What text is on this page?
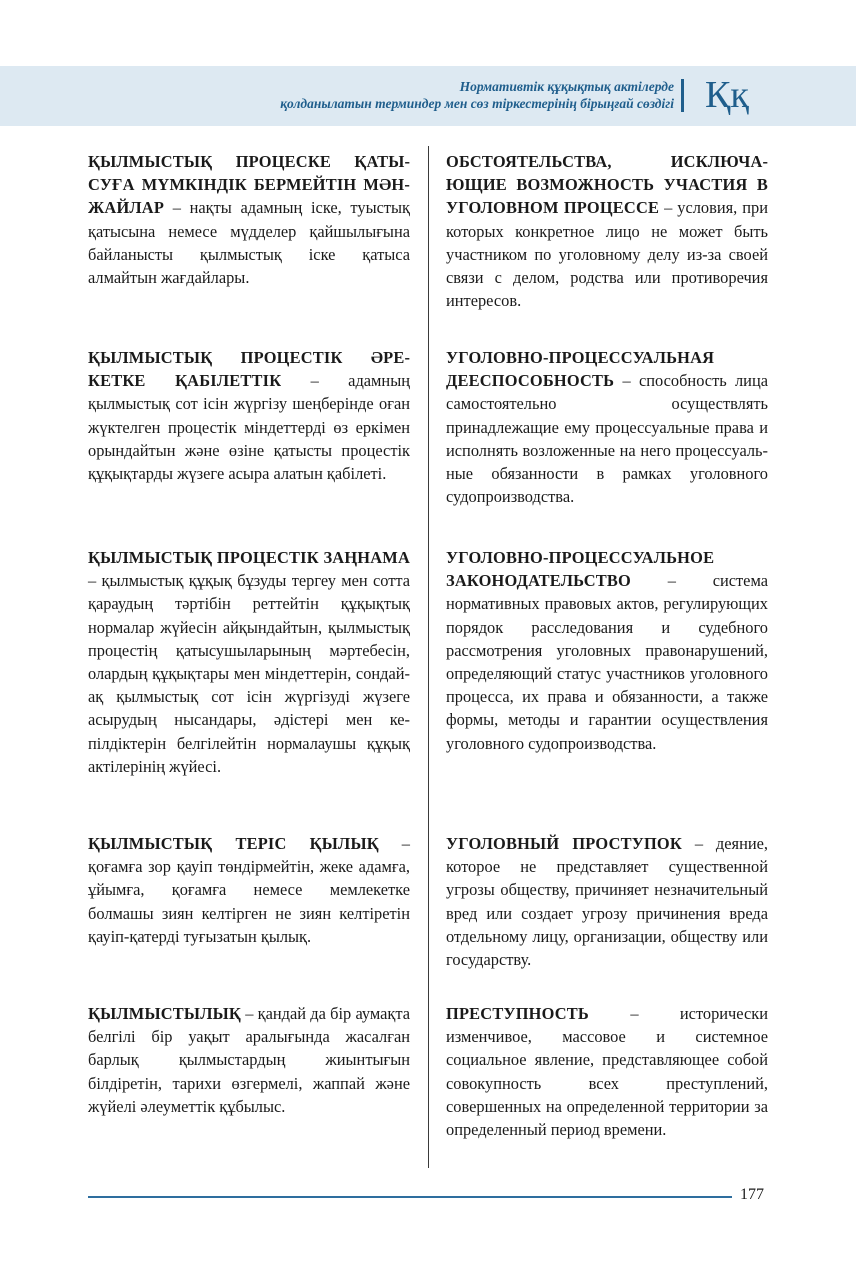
Нормативтік құқықтық актілерде
қолданылатын терминдер мен сөз тіркестерінің бірыңғай сөздігі Ққ

ҚЫЛМЫСТЫҚ ПРОЦЕСКЕ ҚАТЫСУҒА МҮМКІНДІК БЕРМЕЙТІН МӘН-ЖАЙЛАР – нақты адамның іске, туыстық қатысына немесе мүдделер қайшылығына байланысты қылмыстық іске қатыса алмайтын жағдайлары.

ҚЫЛМЫСТЫҚ ПРОЦЕСТІК ӘРЕКЕТКЕ ҚАБІЛЕТТІК – адамның қылмыстық сот ісін жүргізу шеңберінде оған жүктелген процестік міндеттерді өз еркімен орындайтын және өзіне қатысты процестік құқықтарды жүзеге асыра алатын қабілеті.

ҚЫЛМЫСТЫҚ ПРОЦЕСТІК ЗАҢНАМА – қылмыстық құқық бұзуды тергеу мен сотта қараудың тәртібін реттейтін құқықтық нормалар жүйесін айқындайтын, қылмыстық процестің қатысушыларының мәртебесін, олардың құқықтары мен міндеттерін, сондай-ақ қылмыстық сот ісін жүргізуді жүзеге асырудың нысандары, әдістері мен кепілдіктерін белгілейтін нормалаушы құқық актілерінің жүйесі.

ҚЫЛМЫСТЫҚ ТЕРІС ҚЫЛЫҚ – қоғамға зор қауіп төндірмейтін, жеке адамға, ұйымға, қоғамға немесе мемлекетке болмашы зиян келтірген не зиян келтіретін қауіп-қатерді туғызатын қылық.

ҚЫЛМЫСТЫЛЫҚ – қандай да бір аумақта белгілі бір уақыт аралығында жасалған барлық қылмыстардың жиынтығын білдіретін, тарихи өзгермелі, жаппай және жүйелі әлеуметтік құбылыс.

ОБСТОЯТЕЛЬСТВА, ИСКЛЮЧАЮЩИЕ ВОЗМОЖНОСТЬ УЧАСТИЯ В УГОЛОВНОМ ПРОЦЕССЕ – условия, при которых конкретное лицо не может быть участником по уголовному делу из-за своей связи с делом, родства или противоречия интересов.

УГОЛОВНО-ПРОЦЕССУАЛЬНАЯ ДЕЕСПОСОБНОСТЬ – способность лица самостоятельно осуществлять принадлежащие ему процессуальные права и исполнять возложенные на него процессуальные обязанности в рамках уголовного судопроизводства.

УГОЛОВНО-ПРОЦЕССУАЛЬНОЕ ЗАКОНОДАТЕЛЬСТВО – система нормативных правовых актов, регулирующих порядок расследования и судебного рассмотрения уголовных правонарушений, определяющий статус участников уголовного процесса, их права и обязанности, а также формы, методы и гарантии осуществления уголовного судопроизводства.

УГОЛОВНЫЙ ПРОСТУПОК – деяние, которое не представляет существенной угрозы обществу, причиняет незначительный вред или создает угрозу причинения вреда отдельному лицу, организации, обществу или государству.

ПРЕСТУПНОСТЬ – исторически изменчивое, массовое и системное социальное явление, представляющее собой совокупность всех преступлений, совершенных на определенной территории за определенный период времени.

177
